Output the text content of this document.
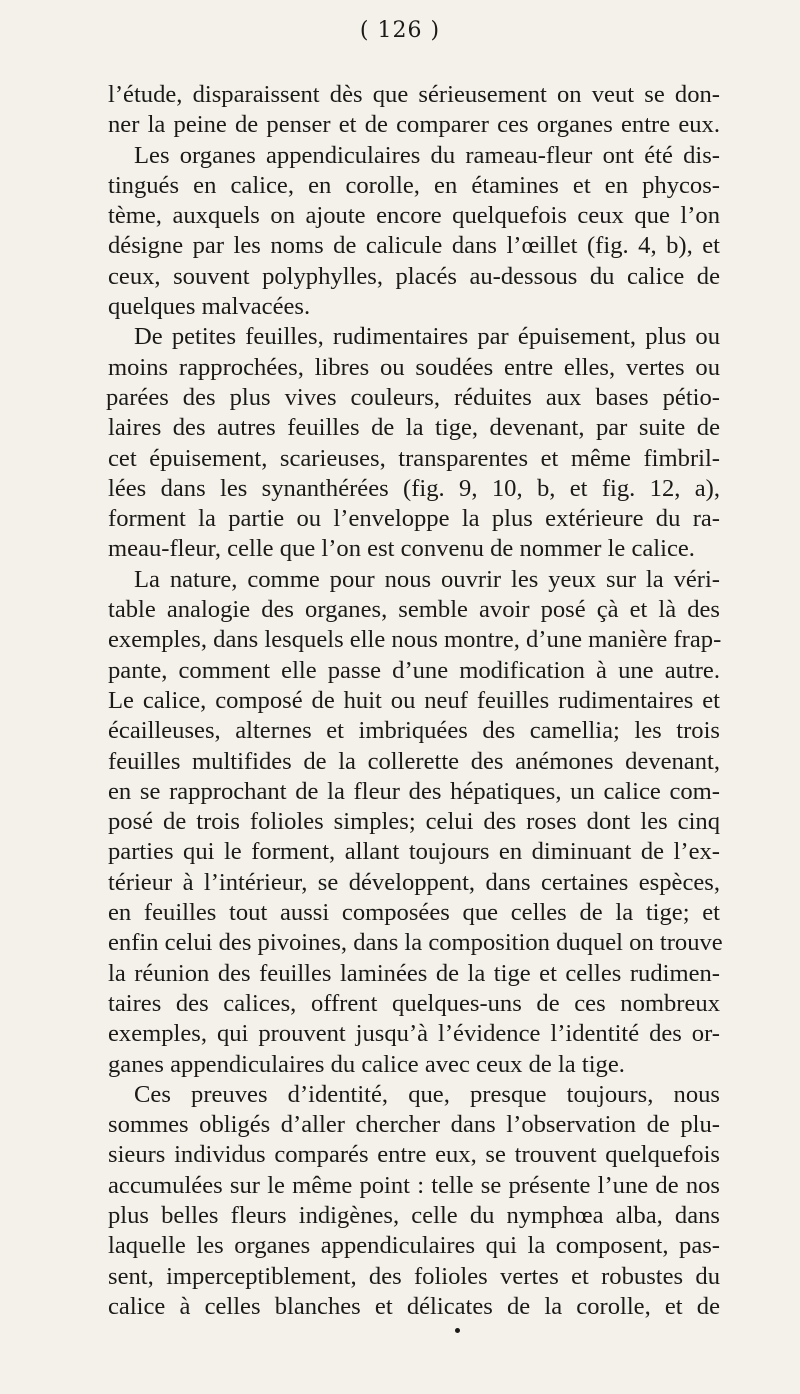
( 126 )
l’étude, disparaissent dès que sérieusement on veut se don-
ner la peine de penser et de comparer ces organes entre eux.
Les organes appendiculaires du rameau-fleur ont été dis-
tingués en calice, en corolle, en étamines et en phycos-
tème, auxquels on ajoute encore quelquefois ceux que l’on
désigne par les noms de calicule dans l’œillet (fig. 4, b), et
ceux, souvent polyphylles, placés au-dessous du calice de
quelques malvacées.
De petites feuilles, rudimentaires par épuisement, plus ou
moins rapprochées, libres ou soudées entre elles, vertes ou
parées des plus vives couleurs, réduites aux bases pétio-
laires des autres feuilles de la tige, devenant, par suite de
cet épuisement, scarieuses, transparentes et même fimbril-
lées dans les synanthérées (fig. 9, 10, b, et fig. 12, a),
forment la partie ou l’enveloppe la plus extérieure du ra-
meau-fleur, celle que l’on est convenu de nommer le calice.
La nature, comme pour nous ouvrir les yeux sur la véri-
table analogie des organes, semble avoir posé çà et là des
exemples, dans lesquels elle nous montre, d’une manière frap-
pante, comment elle passe d’une modification à une autre.
Le calice, composé de huit ou neuf feuilles rudimentaires et
écailleuses, alternes et imbriquées des camellia; les trois
feuilles multifides de la collerette des anémones devenant,
en se rapprochant de la fleur des hépatiques, un calice com-
posé de trois folioles simples; celui des roses dont les cinq
parties qui le forment, allant toujours en diminuant de l’ex-
térieur à l’intérieur, se développent, dans certaines espèces,
en feuilles tout aussi composées que celles de la tige; et
enfin celui des pivoines, dans la composition duquel on trouve
la réunion des feuilles laminées de la tige et celles rudimen-
taires des calices, offrent quelques-uns de ces nombreux
exemples, qui prouvent jusqu’à l’évidence l’identité des or-
ganes appendiculaires du calice avec ceux de la tige.
Ces preuves d’identité, que, presque toujours, nous
sommes obligés d’aller chercher dans l’observation de plu-
sieurs individus comparés entre eux, se trouvent quelquefois
accumulées sur le même point : telle se présente l’une de nos
plus belles fleurs indigènes, celle du nymphœa alba, dans
laquelle les organes appendiculaires qui la composent, pas-
sent, imperceptiblement, des folioles vertes et robustes du
calice à celles blanches et délicates de la corolle, et de
